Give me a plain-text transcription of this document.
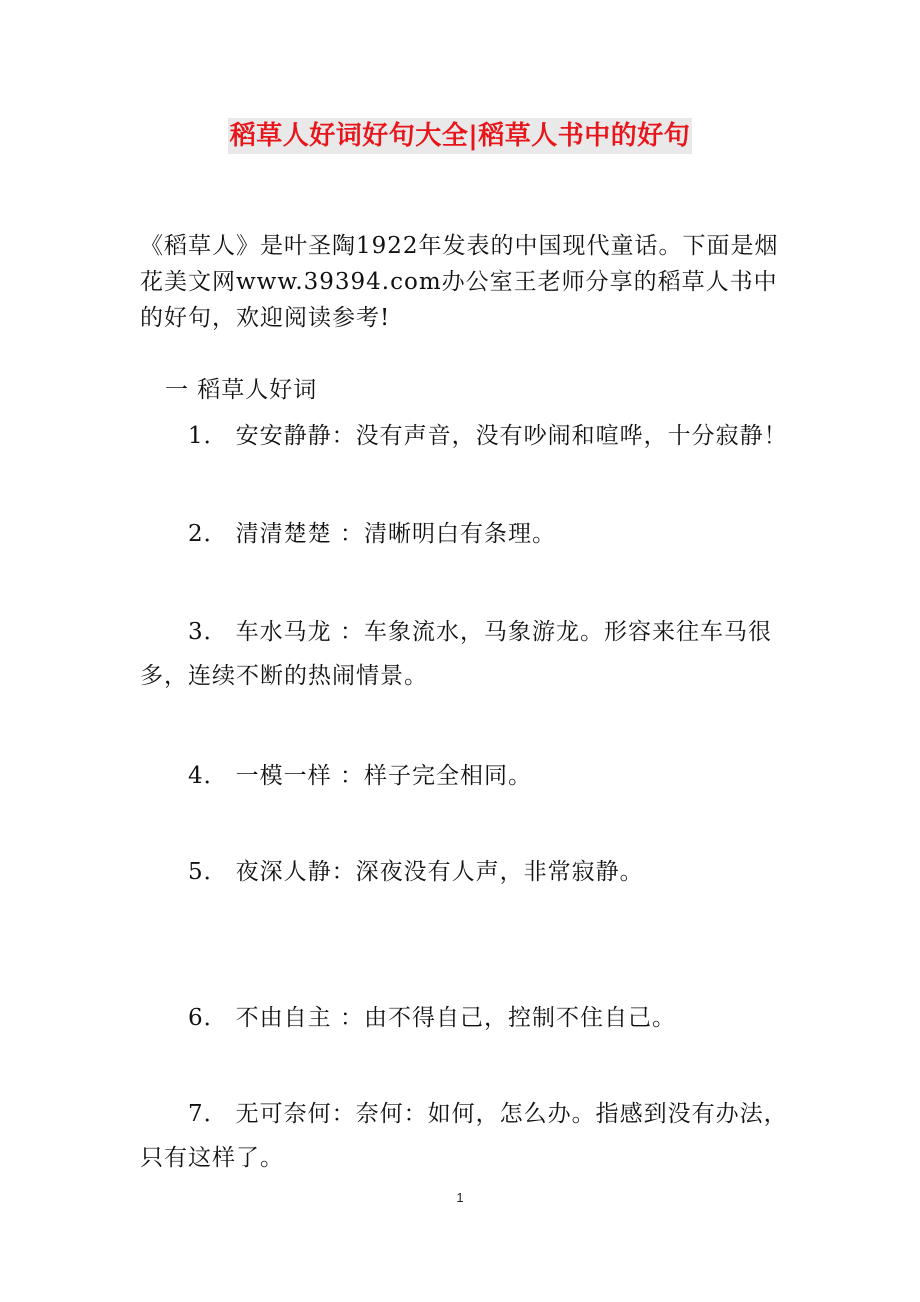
稻草人好词好句大全|稻草人书中的好句
《稻草人》是叶圣陶1922年发表的中国现代童话。下面是烟花美文网www.39394.com办公室王老师分享的稻草人书中的好句，欢迎阅读参考!
一 稻草人好词
1． 安安静静：没有声音，没有吵闹和喧哗，十分寂静！
2． 清清楚楚 ：清晰明白有条理。
3． 车水马龙 ：车象流水，马象游龙。形容来往车马很多，连续不断的热闹情景。
4． 一模一样 ：样子完全相同。
5． 夜深人静：深夜没有人声，非常寂静。
6． 不由自主 ：由不得自己，控制不住自己。
7． 无可奈何：奈何：如何，怎么办。指感到没有办法，只有这样了。
1
